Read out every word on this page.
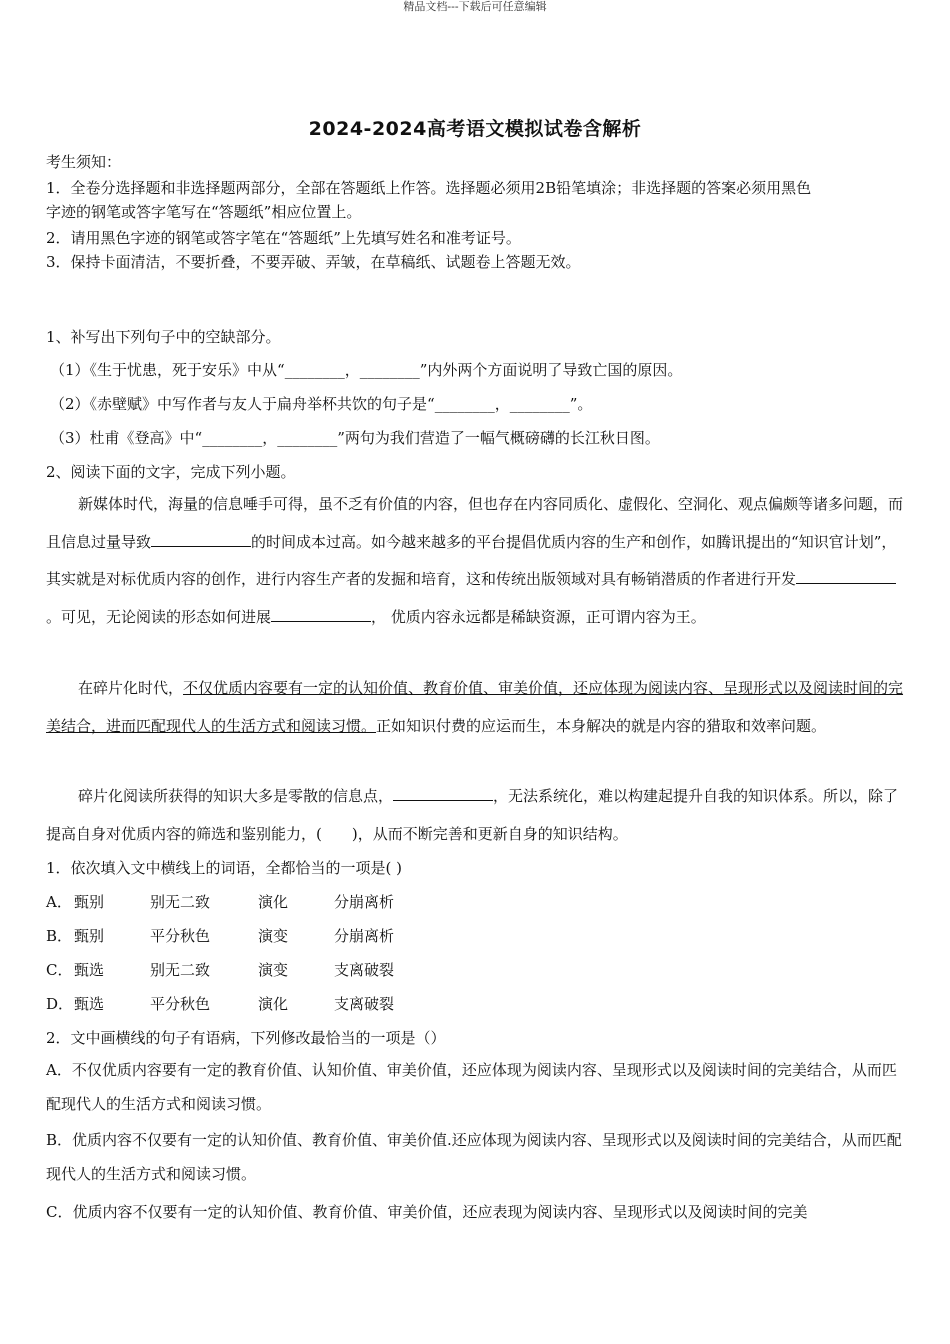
精品文档---下载后可任意编辑
2024-2024高考语文模拟试卷含解析
考生须知：
1．全卷分选择题和非选择题两部分，全部在答题纸上作答。选择题必须用2B铅笔填涂；非选择题的答案必须用黑色
字迹的钢笔或答字笔写在“答题纸”相应位置上。
2．请用黑色字迹的钢笔或答字笔在“答题纸”上先填写姓名和准考证号。
3．保持卡面清洁，不要折叠，不要弄破、弄皱，在草稿纸、试题卷上答题无效。
1、补写出下列句子中的空缺部分。
（1）《生于忧患，死于安乐》中从“________，________”内外两个方面说明了导致亡国的原因。
（2）《赤壁赋》中写作者与友人于扁舟举杯共饮的句子是“________，________”。
（3）杜甫《登高》中“________，________”两句为我们营造了一幅气概磅礴的长江秋日图。
2、阅读下面的文字，完成下列小题。
新媒体时代，海量的信息唾手可得，虽不乏有价值的内容，但也存在内容同质化、虚假化、空洞化、观点偏颇等诸多问题，而且信息过量导致	的时间成本过高。如今越来越多的平台提倡优质内容的生产和创作，如腾讯提出的“知识官计划”，其实就是对标优质内容的创作，进行内容生产者的发掘和培育，这和传统出版领域对具有畅销潜质的作者进行开发。可见，无论阅读的形态如何进展	， 优质内容永远都是稀缺资源，正可谓内容为王。
在碎片化时代，不仅优质内容要有一定的认知价值、教育价值、审美价值，还应体现为阅读内容、呈现形式以及阅读时间的完美结合，进而匹配现代人的生活方式和阅读习惯。正如知识付费的应运而生，本身解决的就是内容的猎取和效率问题。
碎片化阅读所获得的知识大多是零散的信息点，	，无法系统化，难以构建起提升自我的知识体系。所以，除了提高自身对优质内容的筛选和鉴别能力，(　　)，从而不断完善和更新自身的知识结构。
1．依次填入文中横线上的词语，全都恰当的一项是( )
A． 甄别	别无二致	演化	分崩离析
B． 甄别	平分秋色	演变	分崩离析
C． 甄选	别无二致	演变	支离破裂
D．甄选	平分秋色	演化	支离破裂
2．文中画横线的句子有语病，下列修改最恰当的一项是（）
A．不仅优质内容要有一定的教育价值、认知价值、审美价值，还应体现为阅读内容、呈现形式以及阅读时间的完美结合，从而匹配现代人的生活方式和阅读习惯。
B．优质内容不仅要有一定的认知价值、教育价值、审美价值.还应体现为阅读内容、呈现形式以及阅读时间的完美结合，从而匹配现代人的生活方式和阅读习惯。
C．优质内容不仅要有一定的认知价值、教育价值、审美价值，还应表现为阅读内容、呈现形式以及阅读时间的完美
